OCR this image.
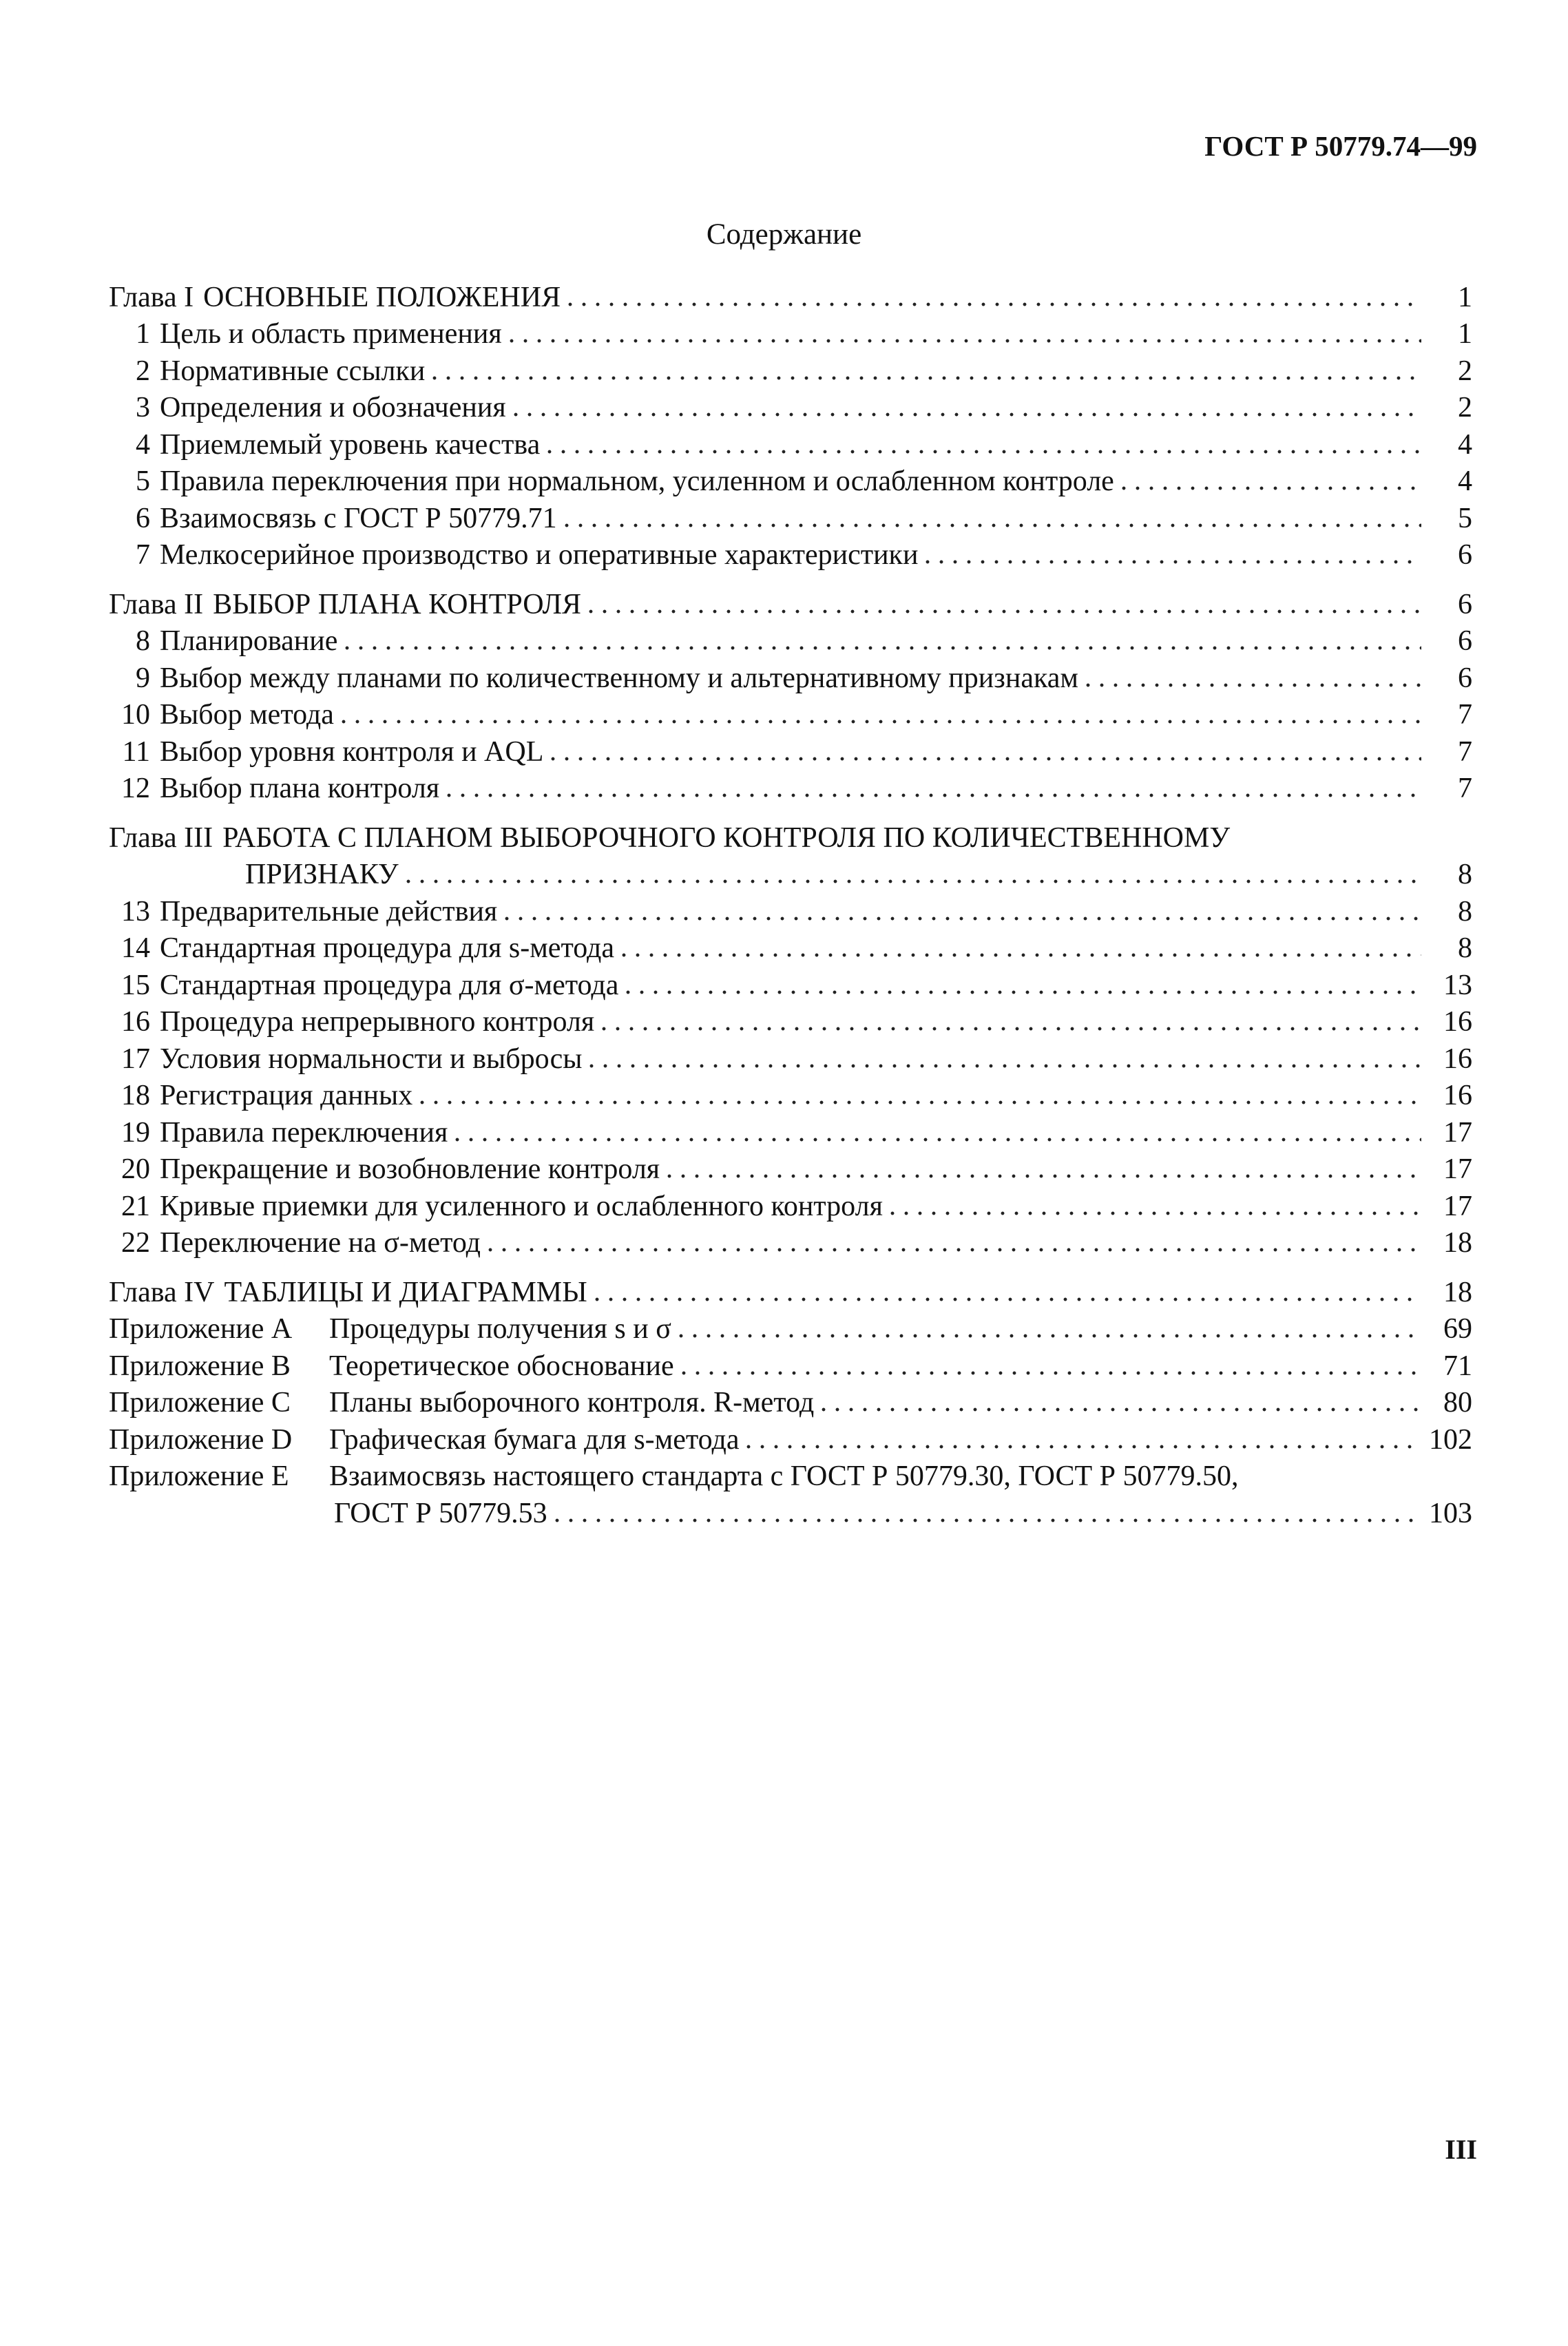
ГОСТ Р 50779.74—99
Содержание
Глава I ОСНОВНЫЕ ПОЛОЖЕНИЯ	1
1 Цель и область применения	1
2 Нормативные ссылки	2
3 Определения и обозначения	2
4 Приемлемый уровень качества	4
5 Правила переключения при нормальном, усиленном и ослабленном контроле	4
6 Взаимосвязь с ГОСТ Р 50779.71	5
7 Мелкосерийное производство и оперативные характеристики	6
Глава II ВЫБОР ПЛАНА КОНТРОЛЯ	6
8 Планирование	6
9 Выбор между планами по количественному и альтернативному признакам	6
10 Выбор метода	7
11 Выбор уровня контроля и AQL	7
12 Выбор плана контроля	7
Глава III РАБОТА С ПЛАНОМ ВЫБОРОЧНОГО КОНТРОЛЯ ПО КОЛИЧЕСТВЕННОМУ
ПРИЗНАКУ	8
13 Предварительные действия	8
14 Стандартная процедура для s-метода	8
15 Стандартная процедура для σ-метода	13
16 Процедура непрерывного контроля	16
17 Условия нормальности и выбросы	16
18 Регистрация данных	16
19 Правила переключения	17
20 Прекращение и возобновление контроля	17
21 Кривые приемки для усиленного и ослабленного контроля	17
22 Переключение на σ-метод	18
Глава IV ТАБЛИЦЫ И ДИАГРАММЫ	18
Приложение А	Процедуры получения s и σ	69
Приложение В	Теоретическое обоснование	71
Приложение С	Планы выборочного контроля. R-метод	80
Приложение D	Графическая бумага для s-метода	102
Приложение Е	Взаимосвязь настоящего стандарта с ГОСТ Р 50779.30, ГОСТ Р 50779.50,
ГОСТ Р 50779.53	103
III
